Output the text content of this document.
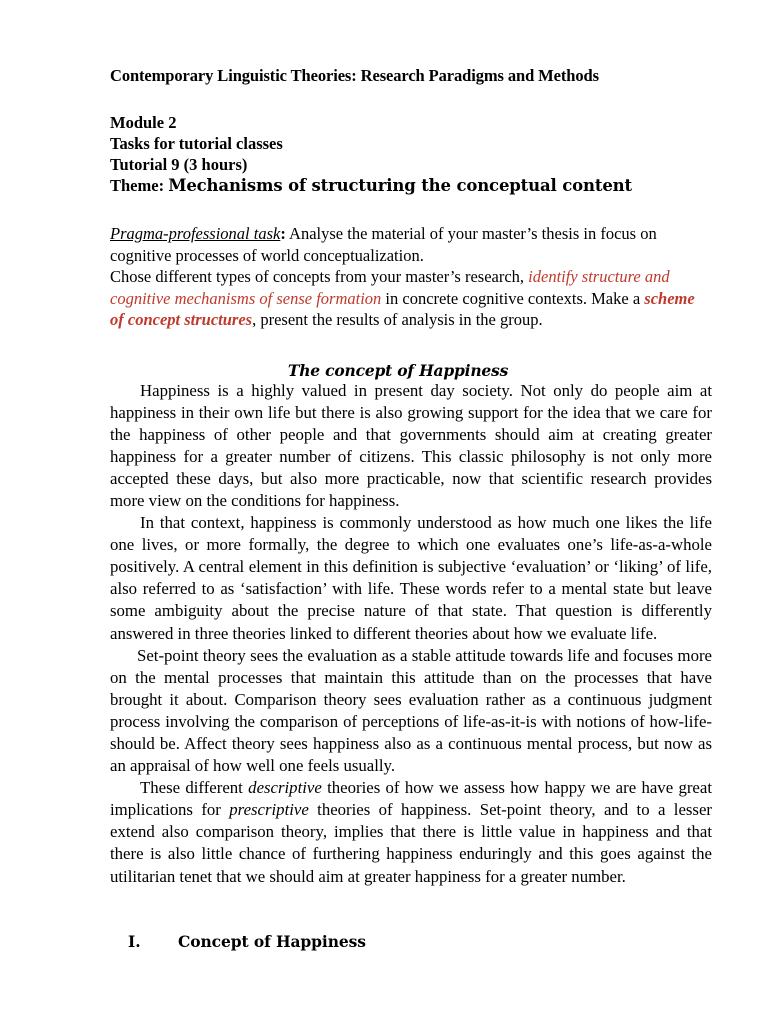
Contemporary Linguistic Theories: Research Paradigms and Methods
Module 2
Tasks for tutorial classes
Tutorial 9 (3 hours)
Theme: Mechanisms of structuring the conceptual content

Pragma-professional task: Analyse the material of your master’s thesis in focus on cognitive processes of world conceptualization.
Chose different types of concepts from your master’s research, identify structure and cognitive mechanisms of sense formation in concrete cognitive contexts. Make a scheme of concept structures, present the results of analysis in the group.

The concept of Happiness

Happiness is a highly valued in present day society. Not only do people aim at happiness in their own life but there is also growing support for the idea that we care for the happiness of other people and that governments should aim at creating greater happiness for a greater number of citizens. This classic philosophy is not only more accepted these days, but also more practicable, now that scientific research provides more view on the conditions for happiness.

In that context, happiness is commonly understood as how much one likes the life one lives, or more formally, the degree to which one evaluates one’s life-as-a-whole positively. A central element in this definition is subjective ‘evaluation’ or ‘liking’ of life, also referred to as ‘satisfaction’ with life. These words refer to a mental state but leave some ambiguity about the precise nature of that state. That question is differently answered in three theories linked to different theories about how we evaluate life.

Set-point theory sees the evaluation as a stable attitude towards life and focuses more on the mental processes that maintain this attitude than on the processes that have brought it about. Comparison theory sees evaluation rather as a continuous judgment process involving the comparison of perceptions of life-as-it-is with notions of how-life- should be. Affect theory sees happiness also as a continuous mental process, but now as an appraisal of how well one feels usually.

These different descriptive theories of how we assess how happy we are have great implications for prescriptive theories of happiness. Set-point theory, and to a lesser extend also comparison theory, implies that there is little value in happiness and that there is also little chance of furthering happiness enduringly and this goes against the utilitarian tenet that we should aim at greater happiness for a greater number.

I.	Concept of Happiness
